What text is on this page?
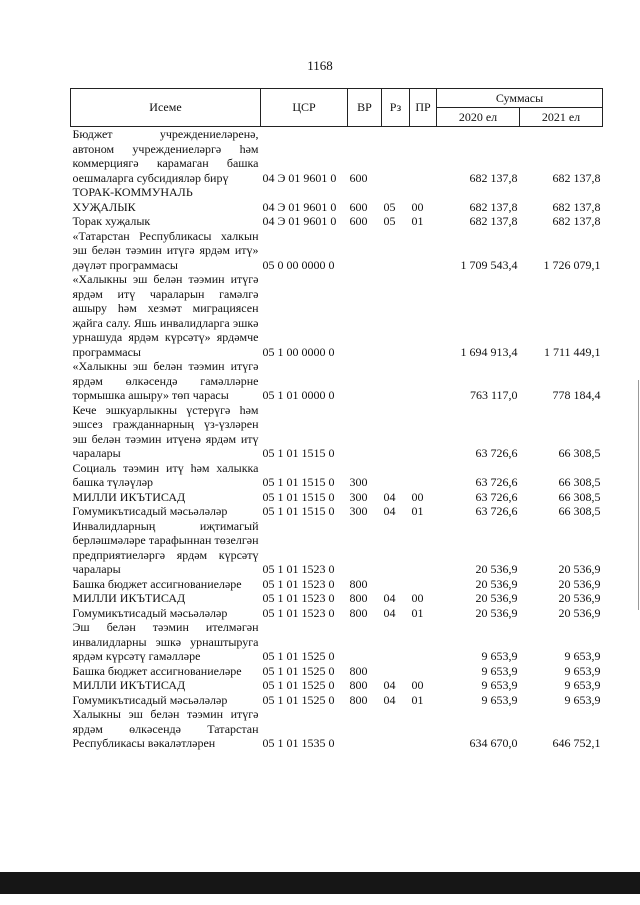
1168
Исеме	ЦСР	ВР	Рз	ПР	Суммасы	
					2020 ел	2021 ел
Бюджет учреждениеләренә, автоном учреждениеләргә һәм коммерциягә карамаган башка оешмаларга субсидияләр бирү	04 Э 01 9601 0	600			682 137,8	682 137,8
ТОРАК-КОММУНАЛЬ ХУҖАЛЫК	04 Э 01 9601 0	600	05	00	682 137,8	682 137,8
Торак хуҗалык	04 Э 01 9601 0	600	05	01	682 137,8	682 137,8
«Татарстан Республикасы халкын эш белән тәэмин итүгә ярдәм итү» дәүләт программасы	05 0 00 0000 0				1 709 543,4	1 726 079,1
«Халыкны эш белән тәэмин итүгә ярдәм итү чараларын гамәлгә ашыру һәм хезмәт миграциясен җайга салу. Яшь инвалидларга эшкә урнашуда ярдәм күрсәтү» ярдәмче программасы	05 1 00 0000 0				1 694 913,4	1 711 449,1
«Халыкны эш белән тәэмин итүгә ярдәм өлкәсендә гамәлләрне тормышка ашыру» төп чарасы	05 1 01 0000 0				763 117,0	778 184,4
Кече эшкуарлыкны үстерүгә һәм эшсез гражданнарның үз-үзләрен эш белән тәэмин итүенә ярдәм итү чаралары	05 1 01 1515 0				63 726,6	66 308,5
Социаль тәэмин итү һәм халыкка башка түләүләр	05 1 01 1515 0	300			63 726,6	66 308,5
МИЛЛИ ИКЪТИСАД	05 1 01 1515 0	300	04	00	63 726,6	66 308,5
Гомумикътисадый мәсьәләләр	05 1 01 1515 0	300	04	01	63 726,6	66 308,5
Инвалидларның иҗтимагый берләшмәләре тарафыннан төзелгән предприятиеләргә ярдәм күрсәтү чаралары	05 1 01 1523 0				20 536,9	20 536,9
Башка бюджет ассигнованиеләре	05 1 01 1523 0	800			20 536,9	20 536,9
МИЛЛИ ИКЪТИСАД	05 1 01 1523 0	800	04	00	20 536,9	20 536,9
Гомумикътисадый мәсьәләләр	05 1 01 1523 0	800	04	01	20 536,9	20 536,9
Эш белән тәэмин ителмәгән инвалидларны эшкә урнаштыруга ярдәм күрсәтү гамәлләре	05 1 01 1525 0				9 653,9	9 653,9
Башка бюджет ассигнованиеләре	05 1 01 1525 0	800			9 653,9	9 653,9
МИЛЛИ ИКЪТИСАД	05 1 01 1525 0	800	04	00	9 653,9	9 653,9
Гомумикътисадый мәсьәләләр	05 1 01 1525 0	800	04	01	9 653,9	9 653,9
Халыкны эш белән тәэмин итүгә ярдәм өлкәсендә Татарстан Республикасы вәкаләтләрен	05 1 01 1535 0				634 670,0	646 752,1
